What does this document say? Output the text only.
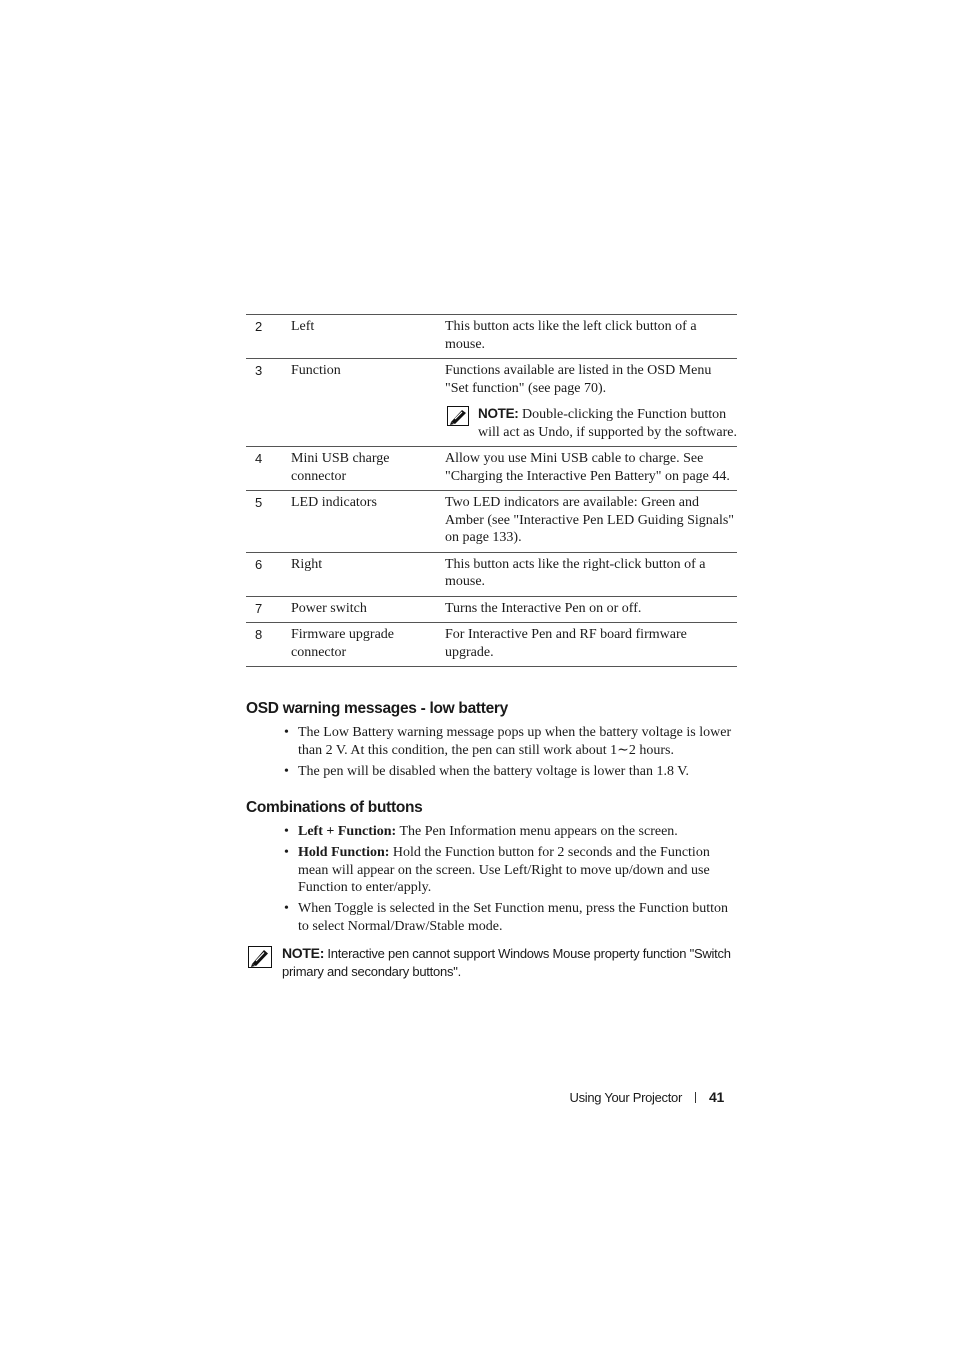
2	Left	This button acts like the left click button of a mouse.
3	Function	Functions available are listed in the OSD Menu "Set function" (see page 70).
NOTE: Double-clicking the Function button will act as Undo, if supported by the software.

4	Mini USB charge connector	Allow you use Mini USB cable to charge. See "Charging the Interactive Pen Battery" on page 44.
5	LED indicators	Two LED indicators are available: Green and Amber (see "Interactive Pen LED Guiding Signals" on page 133).
6	Right	This button acts like the right-click button of a mouse.
7	Power switch	Turns the Interactive Pen on or off.
8	Firmware upgrade connector	For Interactive Pen and RF board firmware upgrade.
OSD warning messages - low battery
• The Low Battery warning message pops up when the battery voltage is lower than 2 V. At this condition, the pen can still work about 1∼2 hours.
• The pen will be disabled when the battery voltage is lower than 1.8 V.
Combinations of buttons
• Left + Function: The Pen Information menu appears on the screen.
• Hold Function: Hold the Function button for 2 seconds and the Function mean will appear on the screen. Use Left/Right to move up/down and use Function to enter/apply.
• When Toggle is selected in the Set Function menu, press the Function button to select Normal/Draw/Stable mode.
NOTE: Interactive pen cannot support Windows Mouse property function "Switch primary and secondary buttons".
Using Your Projector 41
